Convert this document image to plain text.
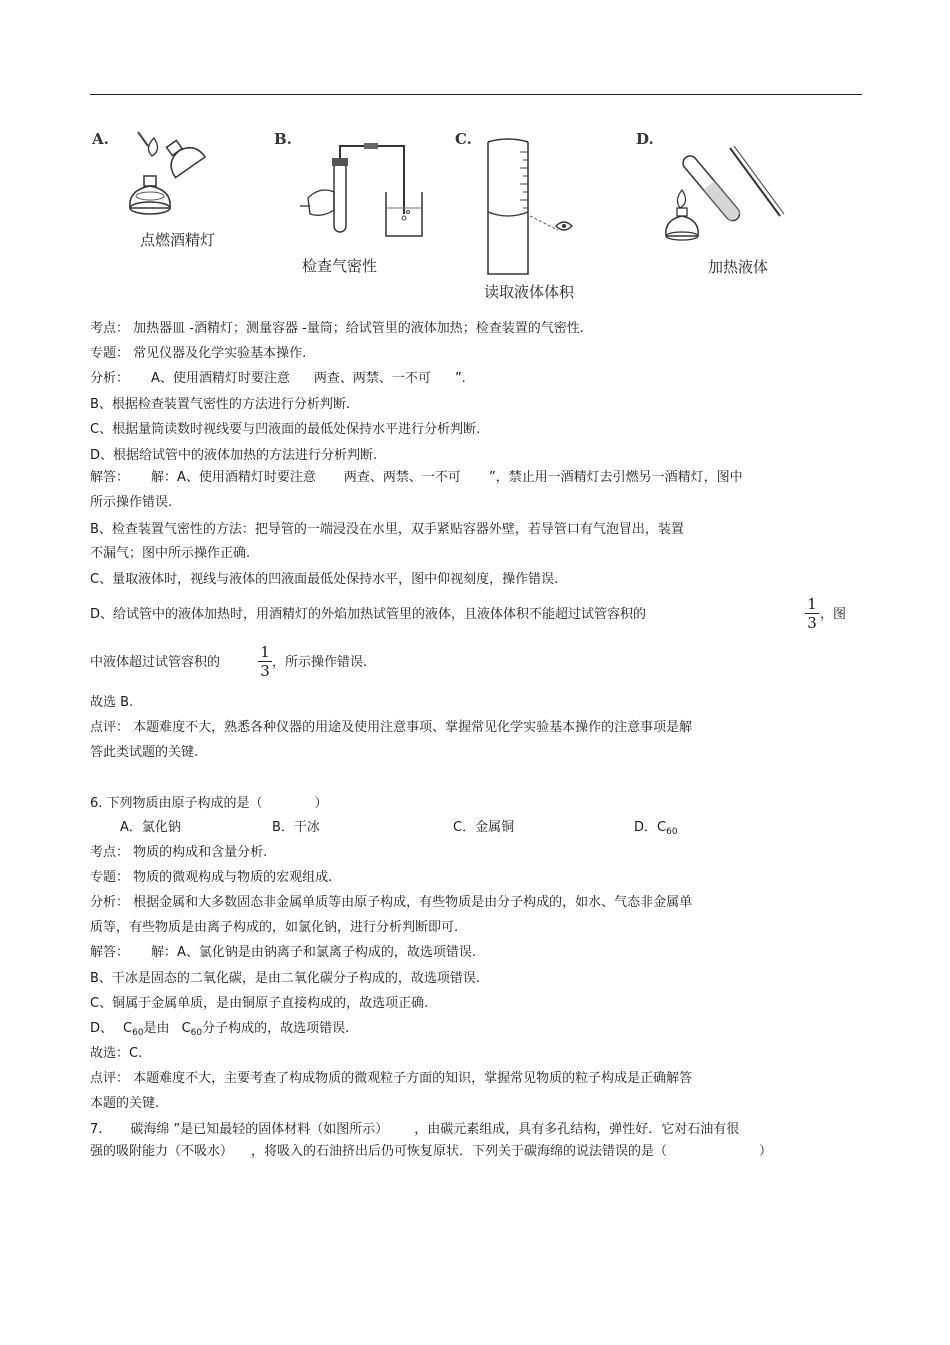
A.
点燃酒精灯
B.
检查气密性
C.
读取液体体积
D.
加热液体
考点： 加热器皿 -酒精灯；测量容器 -量筒；给试管里的液体加热；检查装置的气密性.
专题： 常见仪器及化学实验基本操作.
分析： A、使用酒精灯时要注意 两查、两禁、一不可 ”.
B、根据检查装置气密性的方法进行分析判断.
C、根据量筒读数时视线要与凹液面的最低处保持水平进行分析判断.
D、根据给试管中的液体加热的方法进行分析判断.
解答： 解：A、使用酒精灯时要注意 两查、两禁、一不可 ”，禁止用一酒精灯去引燃另一酒精灯，图中
所示操作错误.
B、检查装置气密性的方法：把导管的一端浸没在水里，双手紧贴容器外壁，若导管口有气泡冒出，装置
不漏气；图中所示操作正确.
C、量取液体时，视线与液体的凹液面最低处保持水平，图中仰视刻度，操作错误.
D、给试管中的液体加热时，用酒精灯的外焰加热试管里的液体，且液体体积不能超过试管容积的
1
3 ，图
中液体超过试管容积的
1
3 ，所示操作错误.
故选 B.
点评： 本题难度不大，熟悉各种仪器的用途及使用注意事项、掌握常见化学实验基本操作的注意事项是解
答此类试题的关键.
6. 下列物质由原子构成的是（　　　　）
A．氯化钠	B．干冰	C．金属铜	D．$C_{60}$
考点： 物质的构成和含量分析.
专题： 物质的微观构成与物质的宏观组成.
分析： 根据金属和大多数固态非金属单质等由原子构成，有些物质是由分子构成的，如水、气态非金属单
质等，有些物质是由离子构成的，如氯化钠，进行分析判断即可.
解答： 解：A、氯化钠是由钠离子和氯离子构成的，故选项错误.
B、干冰是固态的二氧化碳，是由二氧化碳分子构成的，故选项错误.
C、铜属于金属单质，是由铜原子直接构成的，故选项正确.
D、 $C_{60}$是由 $C_{60}$分子构成的，故选项错误.
故选：C.
点评： 本题难度不大，主要考查了构成物质的微观粒子方面的知识，掌握常见物质的粒子构成是正确解答
本题的关键.
7. 碳海绵 ”是已知最轻的固体材料（如图所示） ，由碳元素组成，具有多孔结构，弹性好．它对石油有很
强的吸附能力（不吸水） ，将吸入的石油挤出后仍可恢复原状．下列关于碳海绵的说法错误的是（	）
